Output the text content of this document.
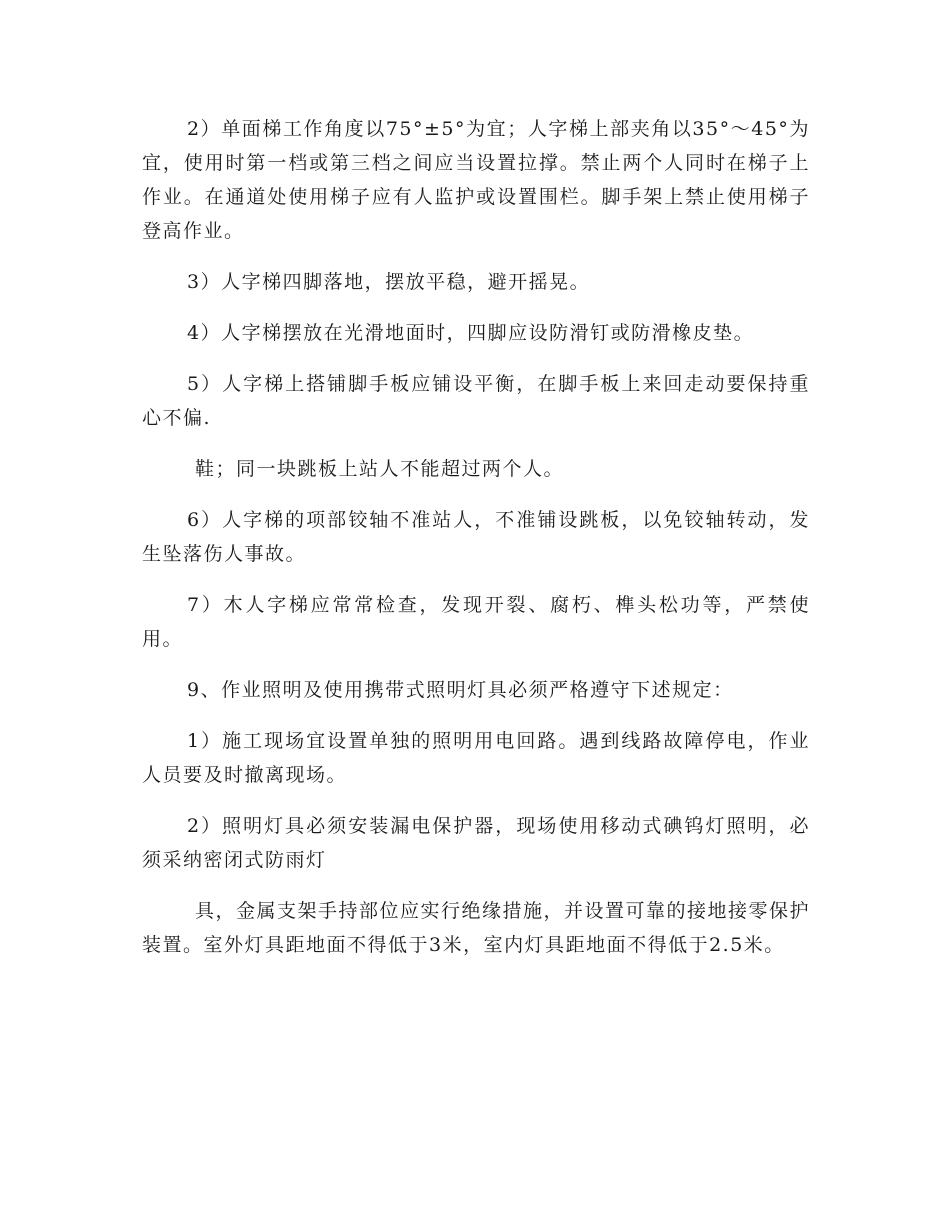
2）单面梯工作角度以75°±5°为宜；人字梯上部夹角以35°～45°为宜，使用时第一档或第三档之间应当设置拉撑。禁止两个人同时在梯子上作业。在通道处使用梯子应有人监护或设置围栏。脚手架上禁止使用梯子登高作业。

3）人字梯四脚落地，摆放平稳，避开摇晃。

4）人字梯摆放在光滑地面时，四脚应设防滑钉或防滑橡皮垫。

5）人字梯上搭铺脚手板应铺设平衡，在脚手板上来回走动要保持重心不偏.

鞋；同一块跳板上站人不能超过两个人。

6）人字梯的项部铰轴不准站人，不准铺设跳板，以免铰轴转动，发生坠落伤人事故。

7）木人字梯应常常检查，发现开裂、腐朽、榫头松功等，严禁使用。

9、作业照明及使用携带式照明灯具必须严格遵守下述规定：

1）施工现场宜设置单独的照明用电回路。遇到线路故障停电，作业人员要及时撤离现场。

2）照明灯具必须安装漏电保护器，现场使用移动式碘钨灯照明，必须采纳密闭式防雨灯

具，金属支架手持部位应实行绝缘措施，并设置可靠的接地接零保护装置。室外灯具距地面不得低于3米，室内灯具距地面不得低于2.5米。
